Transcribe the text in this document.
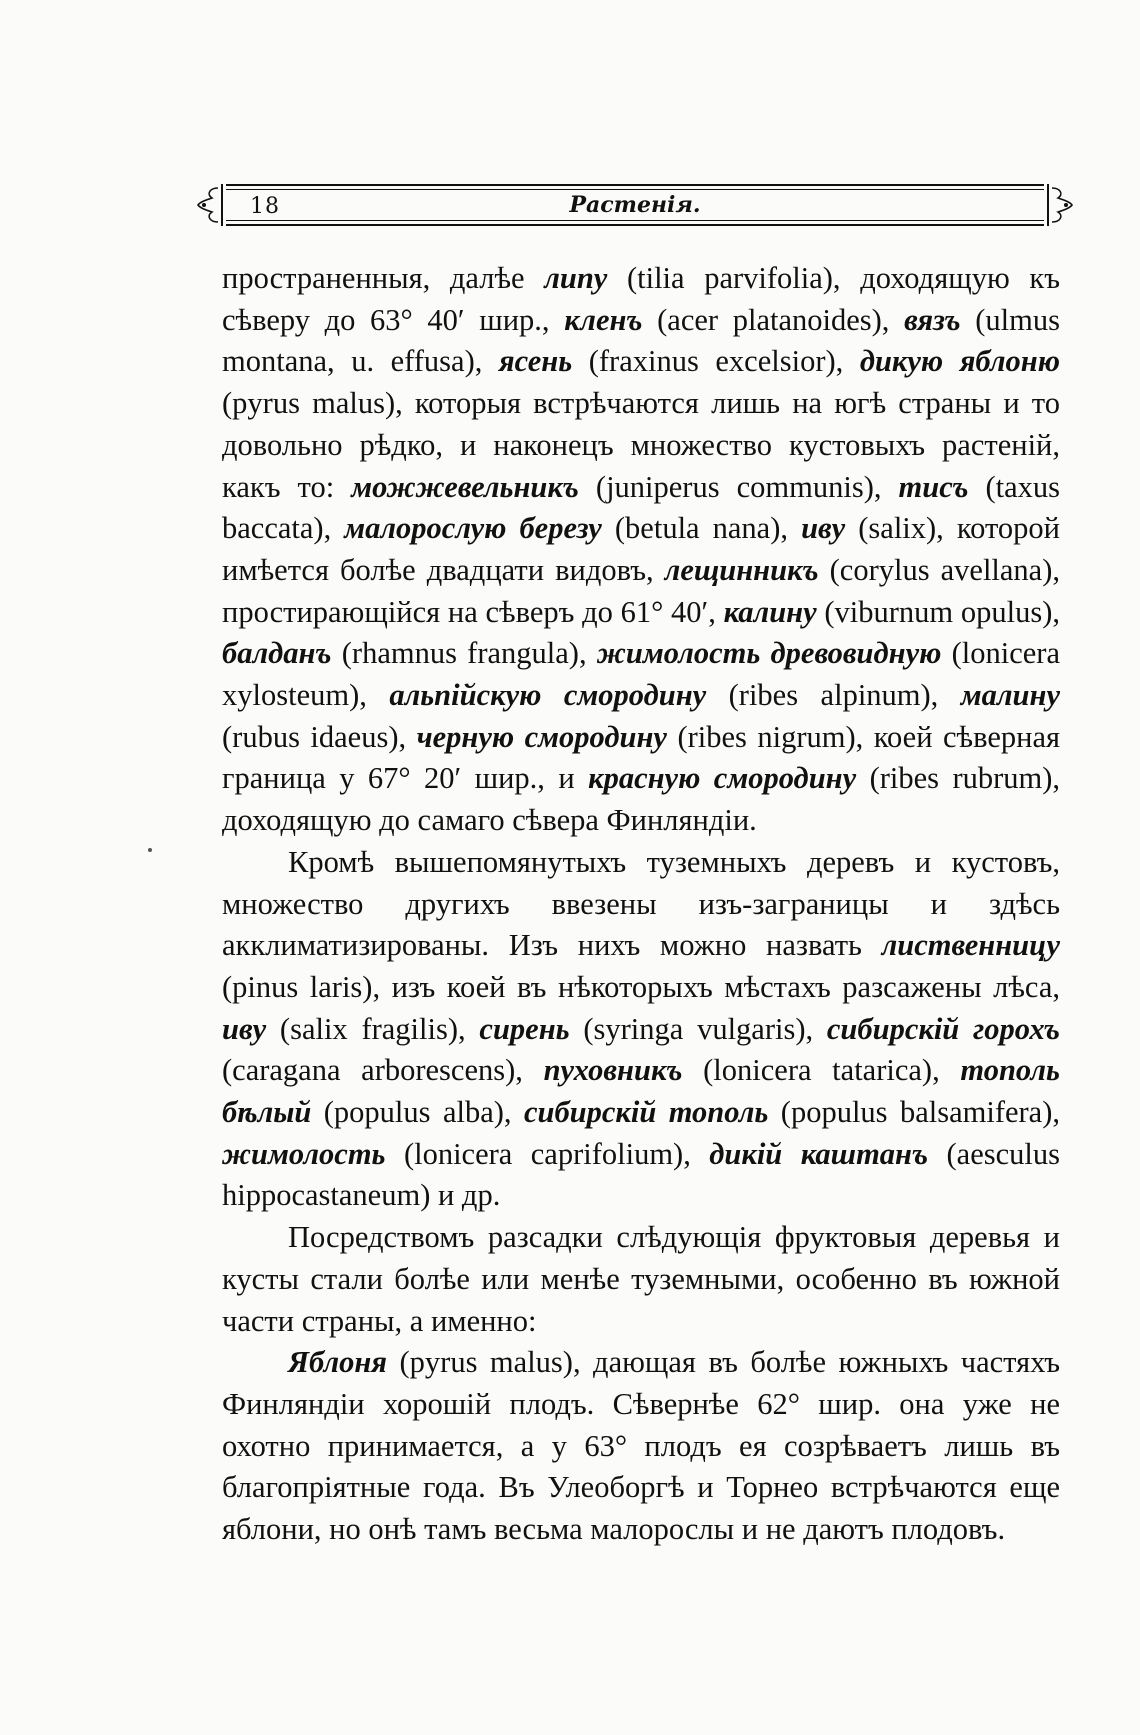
18	Растенія.

пространенныя, далѣе липу (tilia parvifolia), доходящую къ сѣверу до 63° 40′ шир., кленъ (acer platanoides), вязъ (ulmus montana, u. effusa), ясень (fraxinus excelsior), дикую яблоню (pyrus malus), которыя встрѣчаются лишь на югѣ страны и то довольно рѣдко, и наконецъ множество кустовыхъ растеній, какъ то: можжевельникъ (juniperus communis), тисъ (taxus baccata), малорослую березу (betula nana), иву (salix), которой имѣется болѣе двадцати видовъ, лещинникъ (corylus avellana), простирающійся на сѣверъ до 61° 40′, калину (viburnum opulus), балданъ (rhamnus frangula), жимолость древовидную (lonicera xylosteum), альпійскую смородину (ribes alpinum), малину (rubus idaeus), черную смородину (ribes nigrum), коей сѣверная граница у 67° 20′ шир., и красную смородину (ribes rubrum), доходящую до самаго сѣвера Финляндіи.

Кромѣ вышепомянутыхъ туземныхъ деревъ и кустовъ, множество другихъ ввезены изъ-заграницы и здѣсь акклиматизированы. Изъ нихъ можно назвать лиственницу (pinus laris), изъ коей въ нѣкоторыхъ мѣстахъ разсажены лѣса, иву (salix fragilis), сирень (syringa vulgaris), сибирскій горохъ (caragana arborescens), пуховникъ (lonicera tatarica), тополь бѣлый (populus alba), сибирскій тополь (populus balsamifera), жимолость (lonicera caprifolium), дикій каштанъ (aesculus hippocastaneum) и др.

Посредствомъ разсадки слѣдующія фруктовыя деревья и кусты стали болѣе или менѣе туземными, особенно въ южной части страны, а именно:

Яблоня (pyrus malus), дающая въ болѣе южныхъ частяхъ Финляндіи хорошій плодъ. Сѣвернѣе 62° шир. она уже не охотно принимается, а у 63° плодъ ея созрѣваетъ лишь въ благопріятные года. Въ Улеоборгѣ и Торнео встрѣчаются еще яблони, но онѣ тамъ весьма малорослы и не даютъ плодовъ.
